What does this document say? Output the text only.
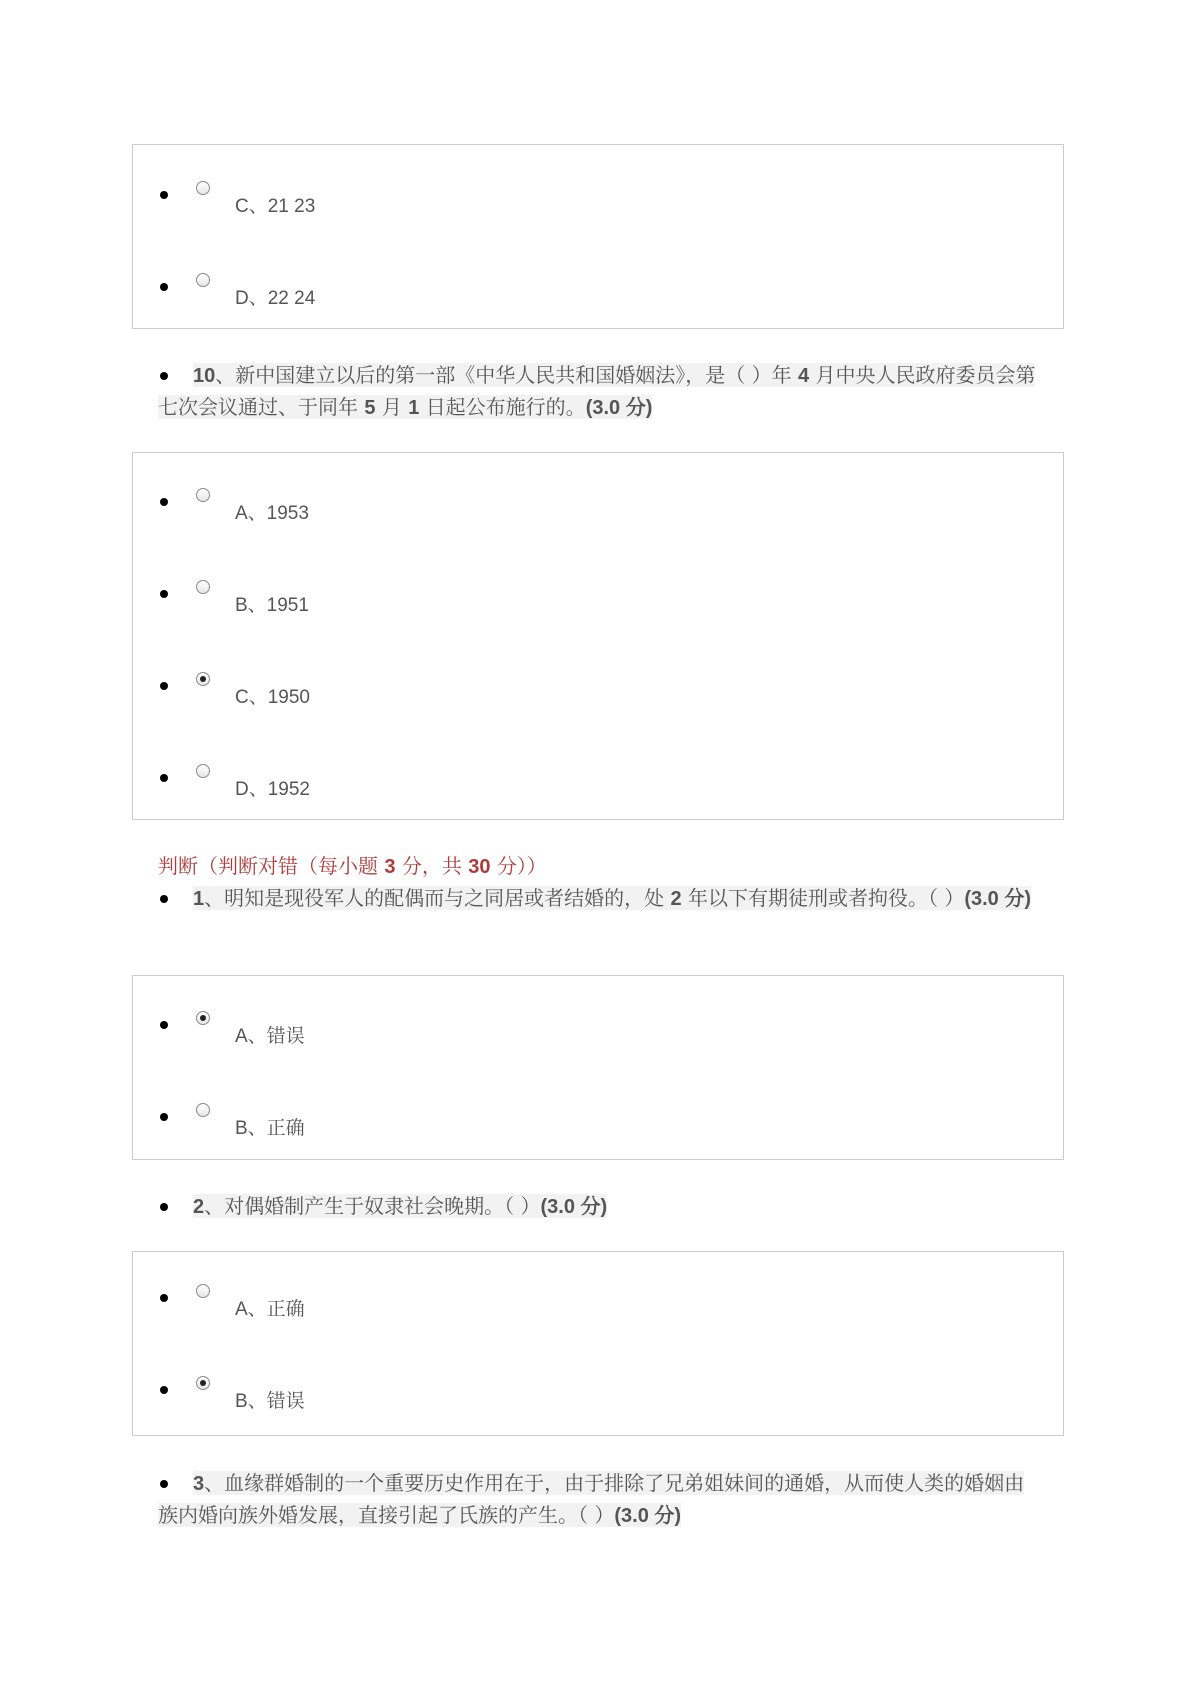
C、21 23
D、22 24
10、新中国建立以后的第一部《中华人民共和国婚姻法》，是（ ）年 4 月中央人民政府委员会第七次会议通过、于同年 5 月 1 日起公布施行的。(3.0 分)
A、1953
B、1951
C、1950
D、1952
判断（判断对错（每小题 3 分，共 30 分））
1、明知是现役军人的配偶而与之同居或者结婚的，处 2 年以下有期徒刑或者拘役。（ ）(3.0 分)
A、错误
B、正确
2、对偶婚制产生于奴隶社会晚期。（ ）(3.0 分)
A、正确
B、错误
3、血缘群婚制的一个重要历史作用在于，由于排除了兄弟姐妹间的通婚，从而使人类的婚姻由族内婚向族外婚发展，直接引起了氏族的产生。（ ）(3.0 分)
